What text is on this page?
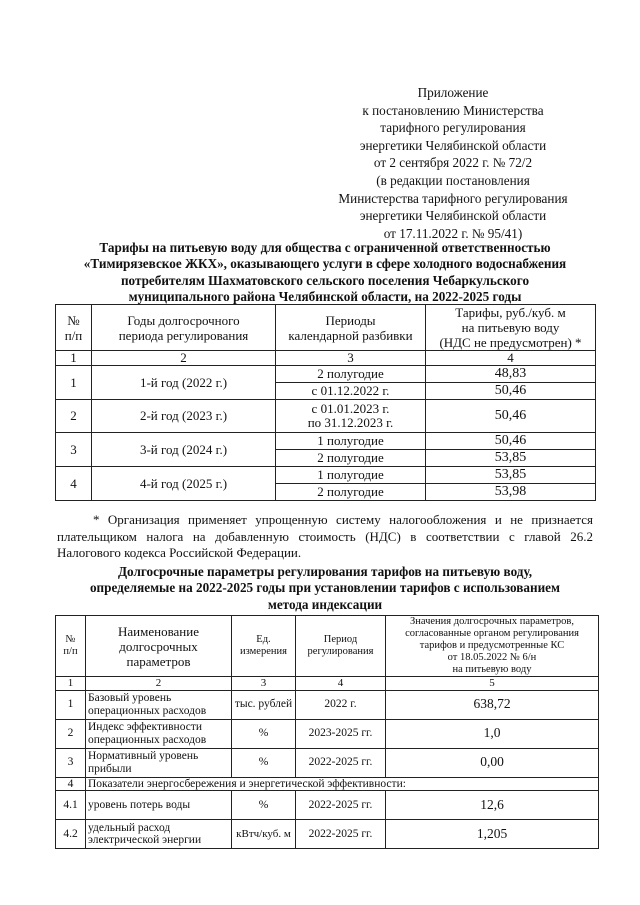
Приложение
к постановлению Министерства
тарифного регулирования
энергетики Челябинской области
от 2 сентября 2022 г. № 72/2
(в редакции постановления
Министерства тарифного регулирования
энергетики Челябинской области
от 17.11.2022 г. № 95/41)
Тарифы на питьевую воду для общества с ограниченной ответственностью
«Тимирязевское ЖКХ», оказывающего услуги в сфере холодного водоснабжения
потребителям Шахматовского сельского поселения Чебаркульского
муниципального района Челябинской области, на 2022-2025 годы
№
п/п	Годы долгосрочного
периода регулирования	Периоды
календарной разбивки	Тарифы, руб./куб. м
на питьевую воду
(НДС не предусмотрен) *
1	2	3	4
1	1-й год (2022 г.)	2 полугодие	48,83
		с 01.12.2022 г.	50,46
2	2-й год (2023 г.)	с 01.01.2023 г.
по 31.12.2023 г.	50,46
3	3-й год (2024 г.)	1 полугодие	50,46
		2 полугодие	53,85
4	4-й год (2025 г.)	1 полугодие	53,85
		2 полугодие	53,98
* Организация применяет упрощенную систему налогообложения и не признается плательщиком налога на добавленную стоимость (НДС) в соответствии с главой 26.2 Налогового кодекса Российской Федерации.
Долгосрочные параметры регулирования тарифов на питьевую воду,
определяемые на 2022-2025 годы при установлении тарифов с использованием
метода индексации
№
п/п	Наименование
долгосрочных
параметров	Ед.
измерения	Период
регулирования	Значения долгосрочных параметров,
согласованные органом регулирования
тарифов и предусмотренные КС
от 18.05.2022 № 6/н
на питьевую воду
1	2	3	4	5
1	Базовый уровень
операционных расходов	тыс. рублей	2022 г.	638,72
2	Индекс эффективности
операционных расходов	%	2023-2025 гг.	1,0
3	Нормативный уровень
прибыли	%	2022-2025 гг.	0,00
4	Показатели энергосбережения и энергетической эффективности:			
4.1	уровень потерь воды	%	2022-2025 гг.	12,6
4.2	удельный расход
электрической энергии	кВтч/куб. м	2022-2025 гг.	1,205
